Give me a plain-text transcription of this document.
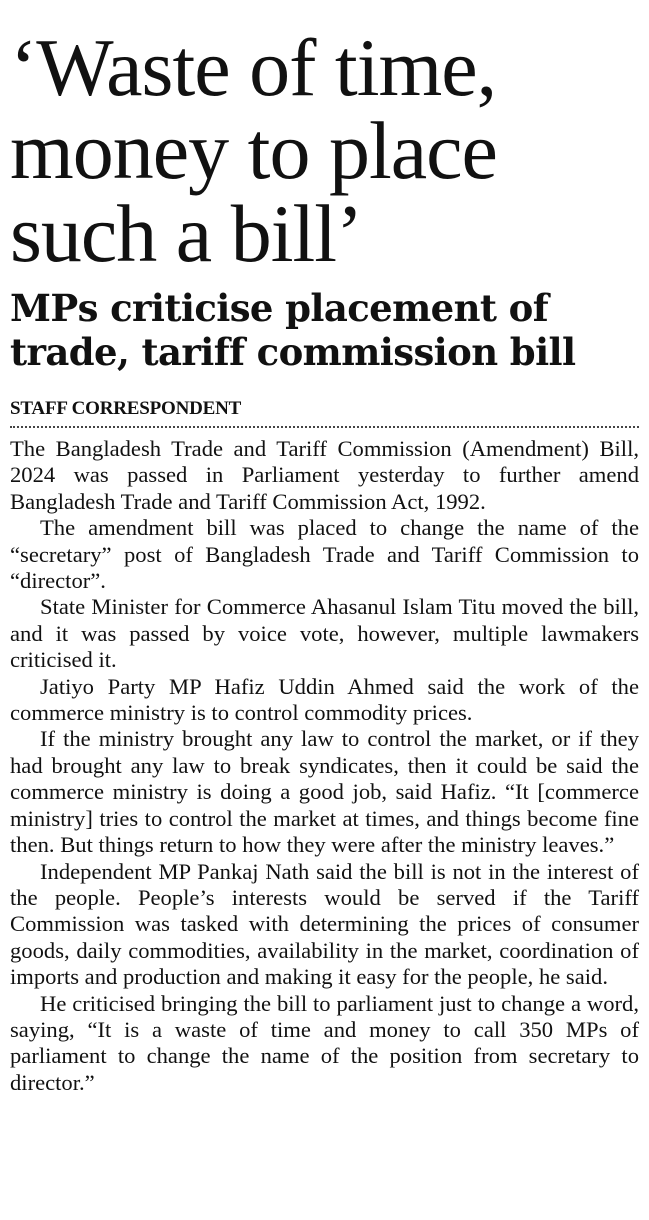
‘Waste of time,
money to place
such a bill’
MPs criticise placement of
trade, tariff commission bill
STAFF CORRESPONDENT

The Bangladesh Trade and Tariff Commission (Amendment) Bill, 2024 was passed in Parliament yesterday to further amend Bangladesh Trade and Tariff Commission Act, 1992.

The amendment bill was placed to change the name of the “secretary” post of Bangladesh Trade and Tariff Commission to “director”.

State Minister for Commerce Ahasanul Islam Titu moved the bill, and it was passed by voice vote, however, multiple lawmakers criticised it.

Jatiyo Party MP Hafiz Uddin Ahmed said the work of the commerce ministry is to control commodity prices.

If the ministry brought any law to control the market, or if they had brought any law to break syndicates, then it could be said the commerce ministry is doing a good job, said Hafiz. “It [commerce ministry] tries to control the market at times, and things become fine then. But things return to how they were after the ministry leaves.”

Independent MP Pankaj Nath said the bill is not in the interest of the people. People’s interests would be served if the Tariff Commission was tasked with determining the prices of consumer goods, daily commodities, availability in the market, coordination of imports and production and making it easy for the people, he said.

He criticised bringing the bill to parliament just to change a word, saying, “It is a waste of time and money to call 350 MPs of parliament to change the name of the position from secretary to director.”
